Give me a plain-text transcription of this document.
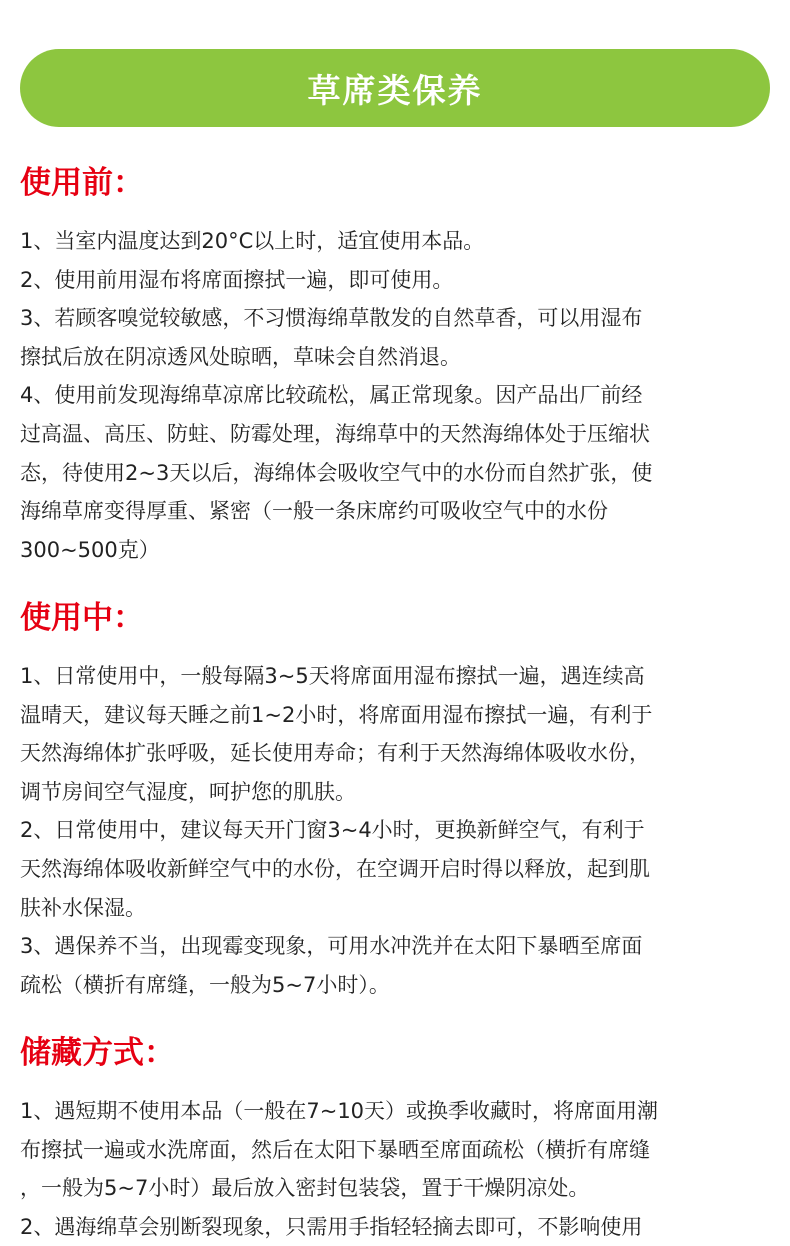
草席类保养

使用前：

1、当室内温度达到20°C以上时，适宜使用本品。

2、使用前用湿布将席面擦拭一遍，即可使用。

3、若顾客嗅觉较敏感，不习惯海绵草散发的自然草香，可以用湿布
擦拭后放在阴凉透风处晾晒，草味会自然消退。

4、使用前发现海绵草凉席比较疏松，属正常现象。因产品出厂前经
过高温、高压、防蛀、防霉处理，海绵草中的天然海绵体处于压缩状
态，待使用2~3天以后，海绵体会吸收空气中的水份而自然扩张，使
海绵草席变得厚重、紧密（一般一条床席约可吸收空气中的水份
300~500克）

使用中：

1、日常使用中，一般每隔3~5天将席面用湿布擦拭一遍，遇连续高
温晴天，建议每天睡之前1~2小时，将席面用湿布擦拭一遍，有利于
天然海绵体扩张呼吸，延长使用寿命；有利于天然海绵体吸收水份，
调节房间空气湿度，呵护您的肌肤。

2、日常使用中，建议每天开门窗3~4小时，更换新鲜空气，有利于
天然海绵体吸收新鲜空气中的水份，在空调开启时得以释放，起到肌
肤补水保湿。

3、遇保养不当，出现霉变现象，可用水冲洗并在太阳下暴晒至席面
疏松（横折有席缝，一般为5~7小时）。

储藏方式：

1、遇短期不使用本品（一般在7~10天）或换季收藏时，将席面用潮
布擦拭一遍或水洗席面，然后在太阳下暴晒至席面疏松（横折有席缝
，一般为5~7小时）最后放入密封包装袋，置于干燥阴凉处。

2、遇海绵草会别断裂现象，只需用手指轻轻摘去即可，不影响使用
